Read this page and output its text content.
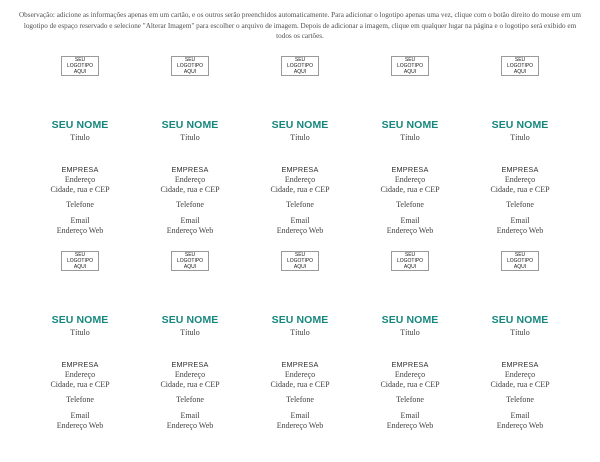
Observação: adicione as informações apenas em um cartão, e os outros serão preenchidos automaticamente. Para adicionar o logotipo apenas uma vez, clique com o botão direito do mouse em um logotipo de espaço reservado e selecione "Alterar Imagem" para escolher o arquivo de imagem. Depois de adicionar a imagem, clique em qualquer lugar na página e o logotipo será exibido em todos os cartões.
SEU LOGOTIPO AQUI
SEU NOME
Título
EMPRESA
Endereço
Cidade, rua e CEP
Telefone
Email
Endereço Web
SEU LOGOTIPO AQUI
SEU NOME
Título
EMPRESA
Endereço
Cidade, rua e CEP
Telefone
Email
Endereço Web
SEU LOGOTIPO AQUI
SEU NOME
Título
EMPRESA
Endereço
Cidade, rua e CEP
Telefone
Email
Endereço Web
SEU LOGOTIPO AQUI
SEU NOME
Título
EMPRESA
Endereço
Cidade, rua e CEP
Telefone
Email
Endereço Web
SEU LOGOTIPO AQUI
SEU NOME
Título
EMPRESA
Endereço
Cidade, rua e CEP
Telefone
Email
Endereço Web
SEU LOGOTIPO AQUI
SEU NOME
Título
EMPRESA
Endereço
Cidade, rua e CEP
Telefone
Email
Endereço Web
SEU LOGOTIPO AQUI
SEU NOME
Título
EMPRESA
Endereço
Cidade, rua e CEP
Telefone
Email
Endereço Web
SEU LOGOTIPO AQUI
SEU NOME
Título
EMPRESA
Endereço
Cidade, rua e CEP
Telefone
Email
Endereço Web
SEU LOGOTIPO AQUI
SEU NOME
Título
EMPRESA
Endereço
Cidade, rua e CEP
Telefone
Email
Endereço Web
SEU LOGOTIPO AQUI
SEU NOME
Título
EMPRESA
Endereço
Cidade, rua e CEP
Telefone
Email
Endereço Web
